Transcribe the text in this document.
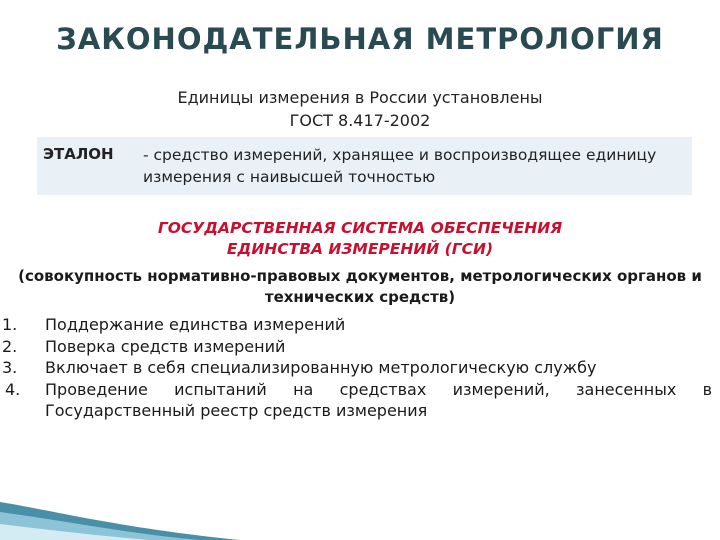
ЗАКОНОДАТЕЛЬНАЯ МЕТРОЛОГИЯ
Единицы измерения в России установлены
ГОСТ 8.417-2002
ЭТАЛОН - средство измерений, хранящее и воспроизводящее единицу измерения с наивысшей точностью
ГОСУДАРСТВЕННАЯ СИСТЕМА ОБЕСПЕЧЕНИЯ
ЕДИНСТВА ИЗМЕРЕНИЙ (ГСИ)
(совокупность нормативно-правовых документов, метрологических органов и технических средств)
1. Поддержание единства измерений
2. Поверка средств измерений
3. Включает в себя специализированную метрологическую службу
4. Проведение испытаний на средствах измерений, занесенных в Государственный реестр средств измерения
